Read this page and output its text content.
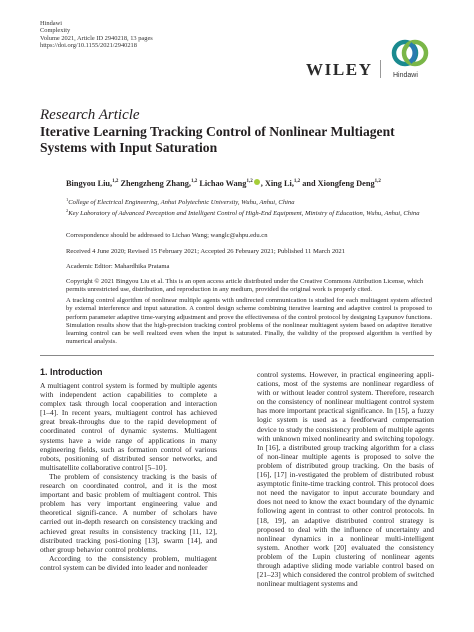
Hindawi
Complexity
Volume 2021, Article ID 2940218, 13 pages
https://doi.org/10.1155/2021/2940218
WILEY	Hindawi
Research Article
Iterative Learning Tracking Control of Nonlinear Multiagent Systems with Input Saturation
Bingyou Liu,$^{1,2}$ Zhengzheng Zhang,$^{1,2}$ Lichao Wang$^{1,2}$ , Xing Li,$^{1,2}$ and Xiongfeng Deng$^{1,2}$
$^1$College of Electrical Engineering, Anhui Polytechnic University, Wuhu, Anhui, China
$^2$Key Laboratory of Advanced Perception and Intelligent Control of High-End Equipment, Ministry of Education, Wuhu, Anhui, China
Correspondence should be addressed to Lichao Wang; wanglc@ahpu.edu.cn
Received 4 June 2020; Revised 15 February 2021; Accepted 26 February 2021; Published 11 March 2021
Academic Editor: Mahardhika Pratama
Copyright © 2021 Bingyou Liu et al. This is an open access article distributed under the Creative Commons Attribution License, which permits unrestricted use, distribution, and reproduction in any medium, provided the original work is properly cited.
A tracking control algorithm of nonlinear multiple agents with undirected communication is studied for each multiagent system affected by external interference and input saturation. A control design scheme combining iterative learning and adaptive control is proposed to perform parameter adaptive time-varying adjustment and prove the effectiveness of the control protocol by designing Lyapunov functions. Simulation results show that the high-precision tracking control problems of the nonlinear multiagent system based on adaptive iterative learning control can be well realized even when the input is saturated. Finally, the validity of the proposed algorithm is verified by numerical analysis.
1. Introduction

A multiagent control system is formed by multiple agents with independent action capabilities to complete a complex task through local cooperation and interaction [1–4]. In recent years, multiagent control has achieved great break-throughs due to the rapid development of coordinated control of dynamic systems. Multiagent systems have a wide range of applications in many engineering fields, such as formation control of various robots, positioning of distributed sensor networks, and multisatellite collaborative control [5–10].

The problem of consistency tracking is the basis of research on coordinated control, and it is the most important and basic problem of multiagent control. This problem has very important engineering value and theoretical signifi-cance. A number of scholars have carried out in-depth research on consistency tracking and achieved great results in consistency tracking [11, 12], distributed tracking posi-tioning [13], swarm [14], and other group behavior control problems.

According to the consistency problem, multiagent control system can be divided into leader and nonleader

control systems. However, in practical engineering appli-cations, most of the systems are nonlinear regardless of with or without leader control system. Therefore, research on the consistency of nonlinear multiagent control system has more important practical significance. In [15], a fuzzy logic system is used as a feedforward compensation device to study the consistency problem of multiple agents with unknown mixed nonlinearity and switching topology. In [16], a distributed group tracking algorithm for a class of non-linear multiple agents is proposed to solve the problem of distributed group tracking. On the basis of [16], [17] in-vestigated the problem of distributed robust asymptotic finite-time tracking control. This protocol does not need the navigator to input accurate boundary and does not need to know the exact boundary of the dynamic following agent in contrast to other control protocols. In [18, 19], an adaptive distributed control strategy is proposed to deal with the influence of uncertainty and nonlinear dynamics in a nonlinear multi-intelligent system. Another work [20] evaluated the consistency problem of the Lupin clustering of nonlinear agents through adaptive sliding mode variable control based on [21–23] which considered the control problem of switched nonlinear multiagent systems and
